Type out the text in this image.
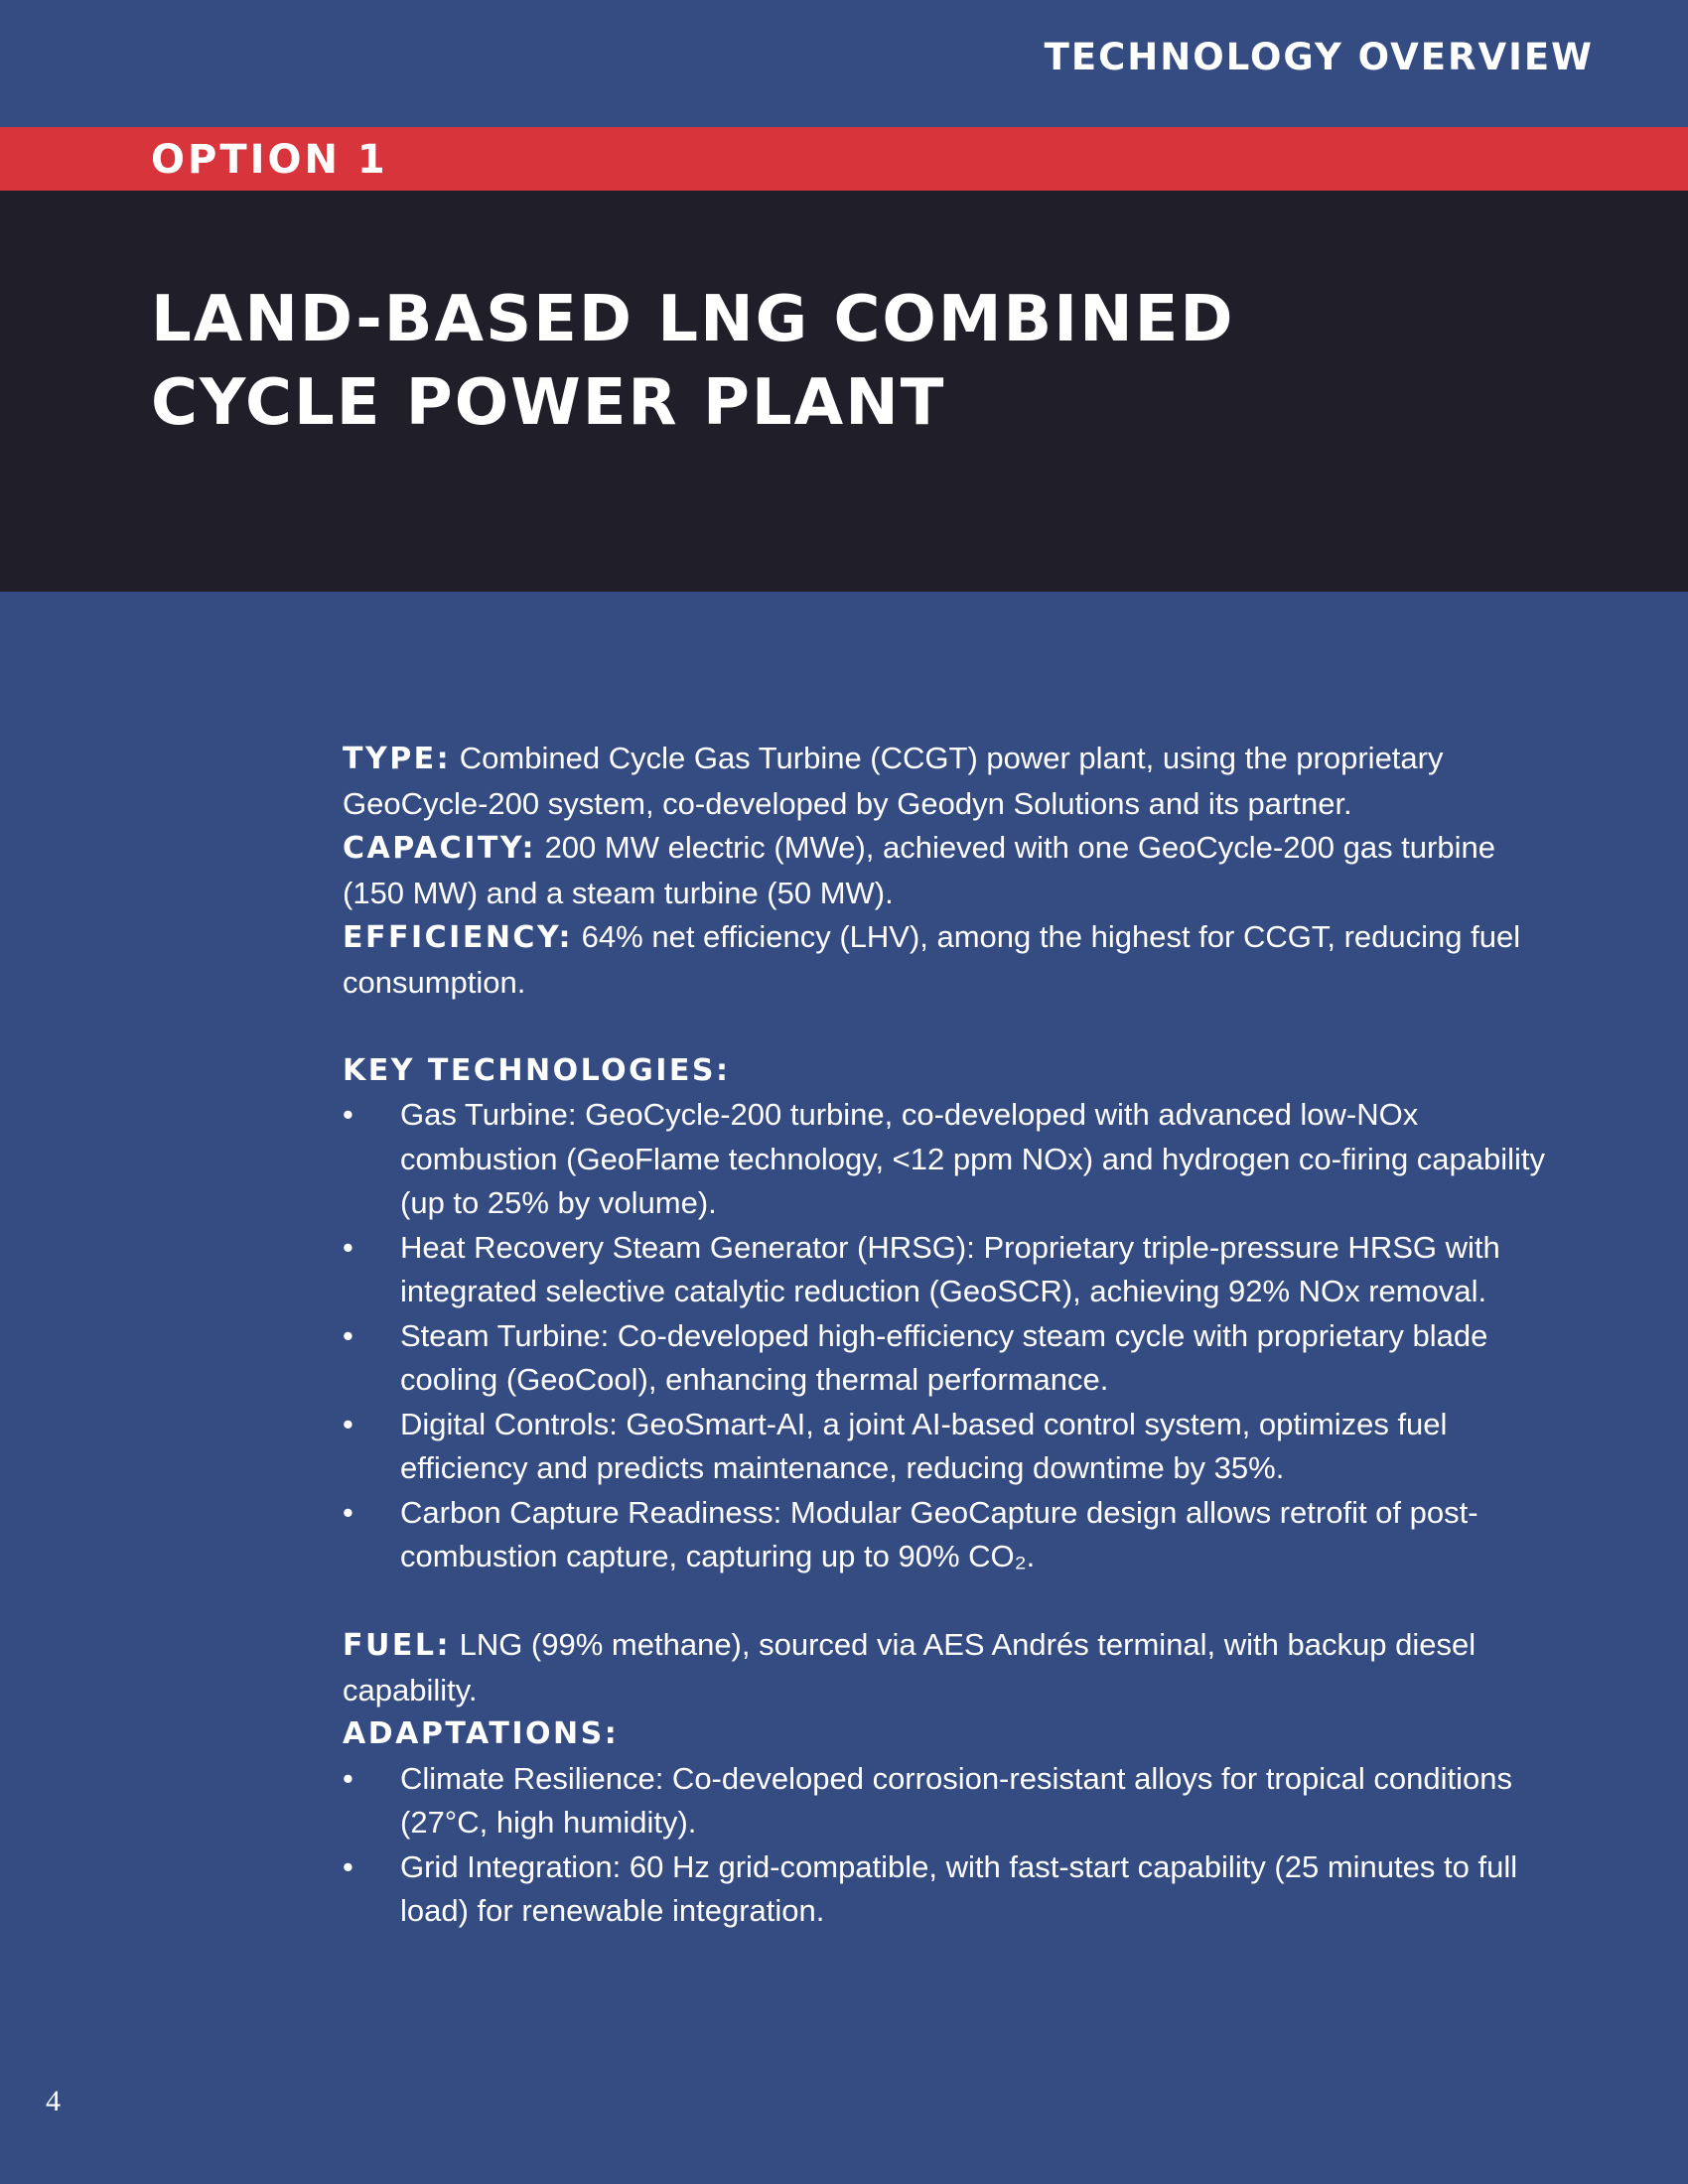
TECHNOLOGY OVERVIEW
OPTION 1
LAND-BASED LNG COMBINED
CYCLE POWER PLANT

TYPE: Combined Cycle Gas Turbine (CCGT) power plant, using the proprietary GeoCycle-200 system, co-developed by Geodyn Solutions and its partner.

CAPACITY: 200 MW electric (MWe), achieved with one GeoCycle-200 gas turbine (150 MW) and a steam turbine (50 MW).

EFFICIENCY: 64% net efficiency (LHV), among the highest for CCGT, reducing fuel consumption.

KEY TECHNOLOGIES:

• Gas Turbine: GeoCycle-200 turbine, co-developed with advanced low-NOx combustion (GeoFlame technology, <12 ppm NOx) and hydrogen co-firing capability (up to 25% by volume).
• Heat Recovery Steam Generator (HRSG): Proprietary triple-pressure HRSG with integrated selective catalytic reduction (GeoSCR), achieving 92% NOx removal.
• Steam Turbine: Co-developed high-efficiency steam cycle with proprietary blade cooling (GeoCool), enhancing thermal performance.
• Digital Controls: GeoSmart-AI, a joint AI-based control system, optimizes fuel efficiency and predicts maintenance, reducing downtime by 35%.
• Carbon Capture Readiness: Modular GeoCapture design allows retrofit of post-combustion capture, capturing up to 90% CO₂.

FUEL: LNG (99% methane), sourced via AES Andrés terminal, with backup diesel capability.

ADAPTATIONS:

• Climate Resilience: Co-developed corrosion-resistant alloys for tropical conditions (27°C, high humidity).
• Grid Integration: 60 Hz grid-compatible, with fast-start capability (25 minutes to full load) for renewable integration.
4
